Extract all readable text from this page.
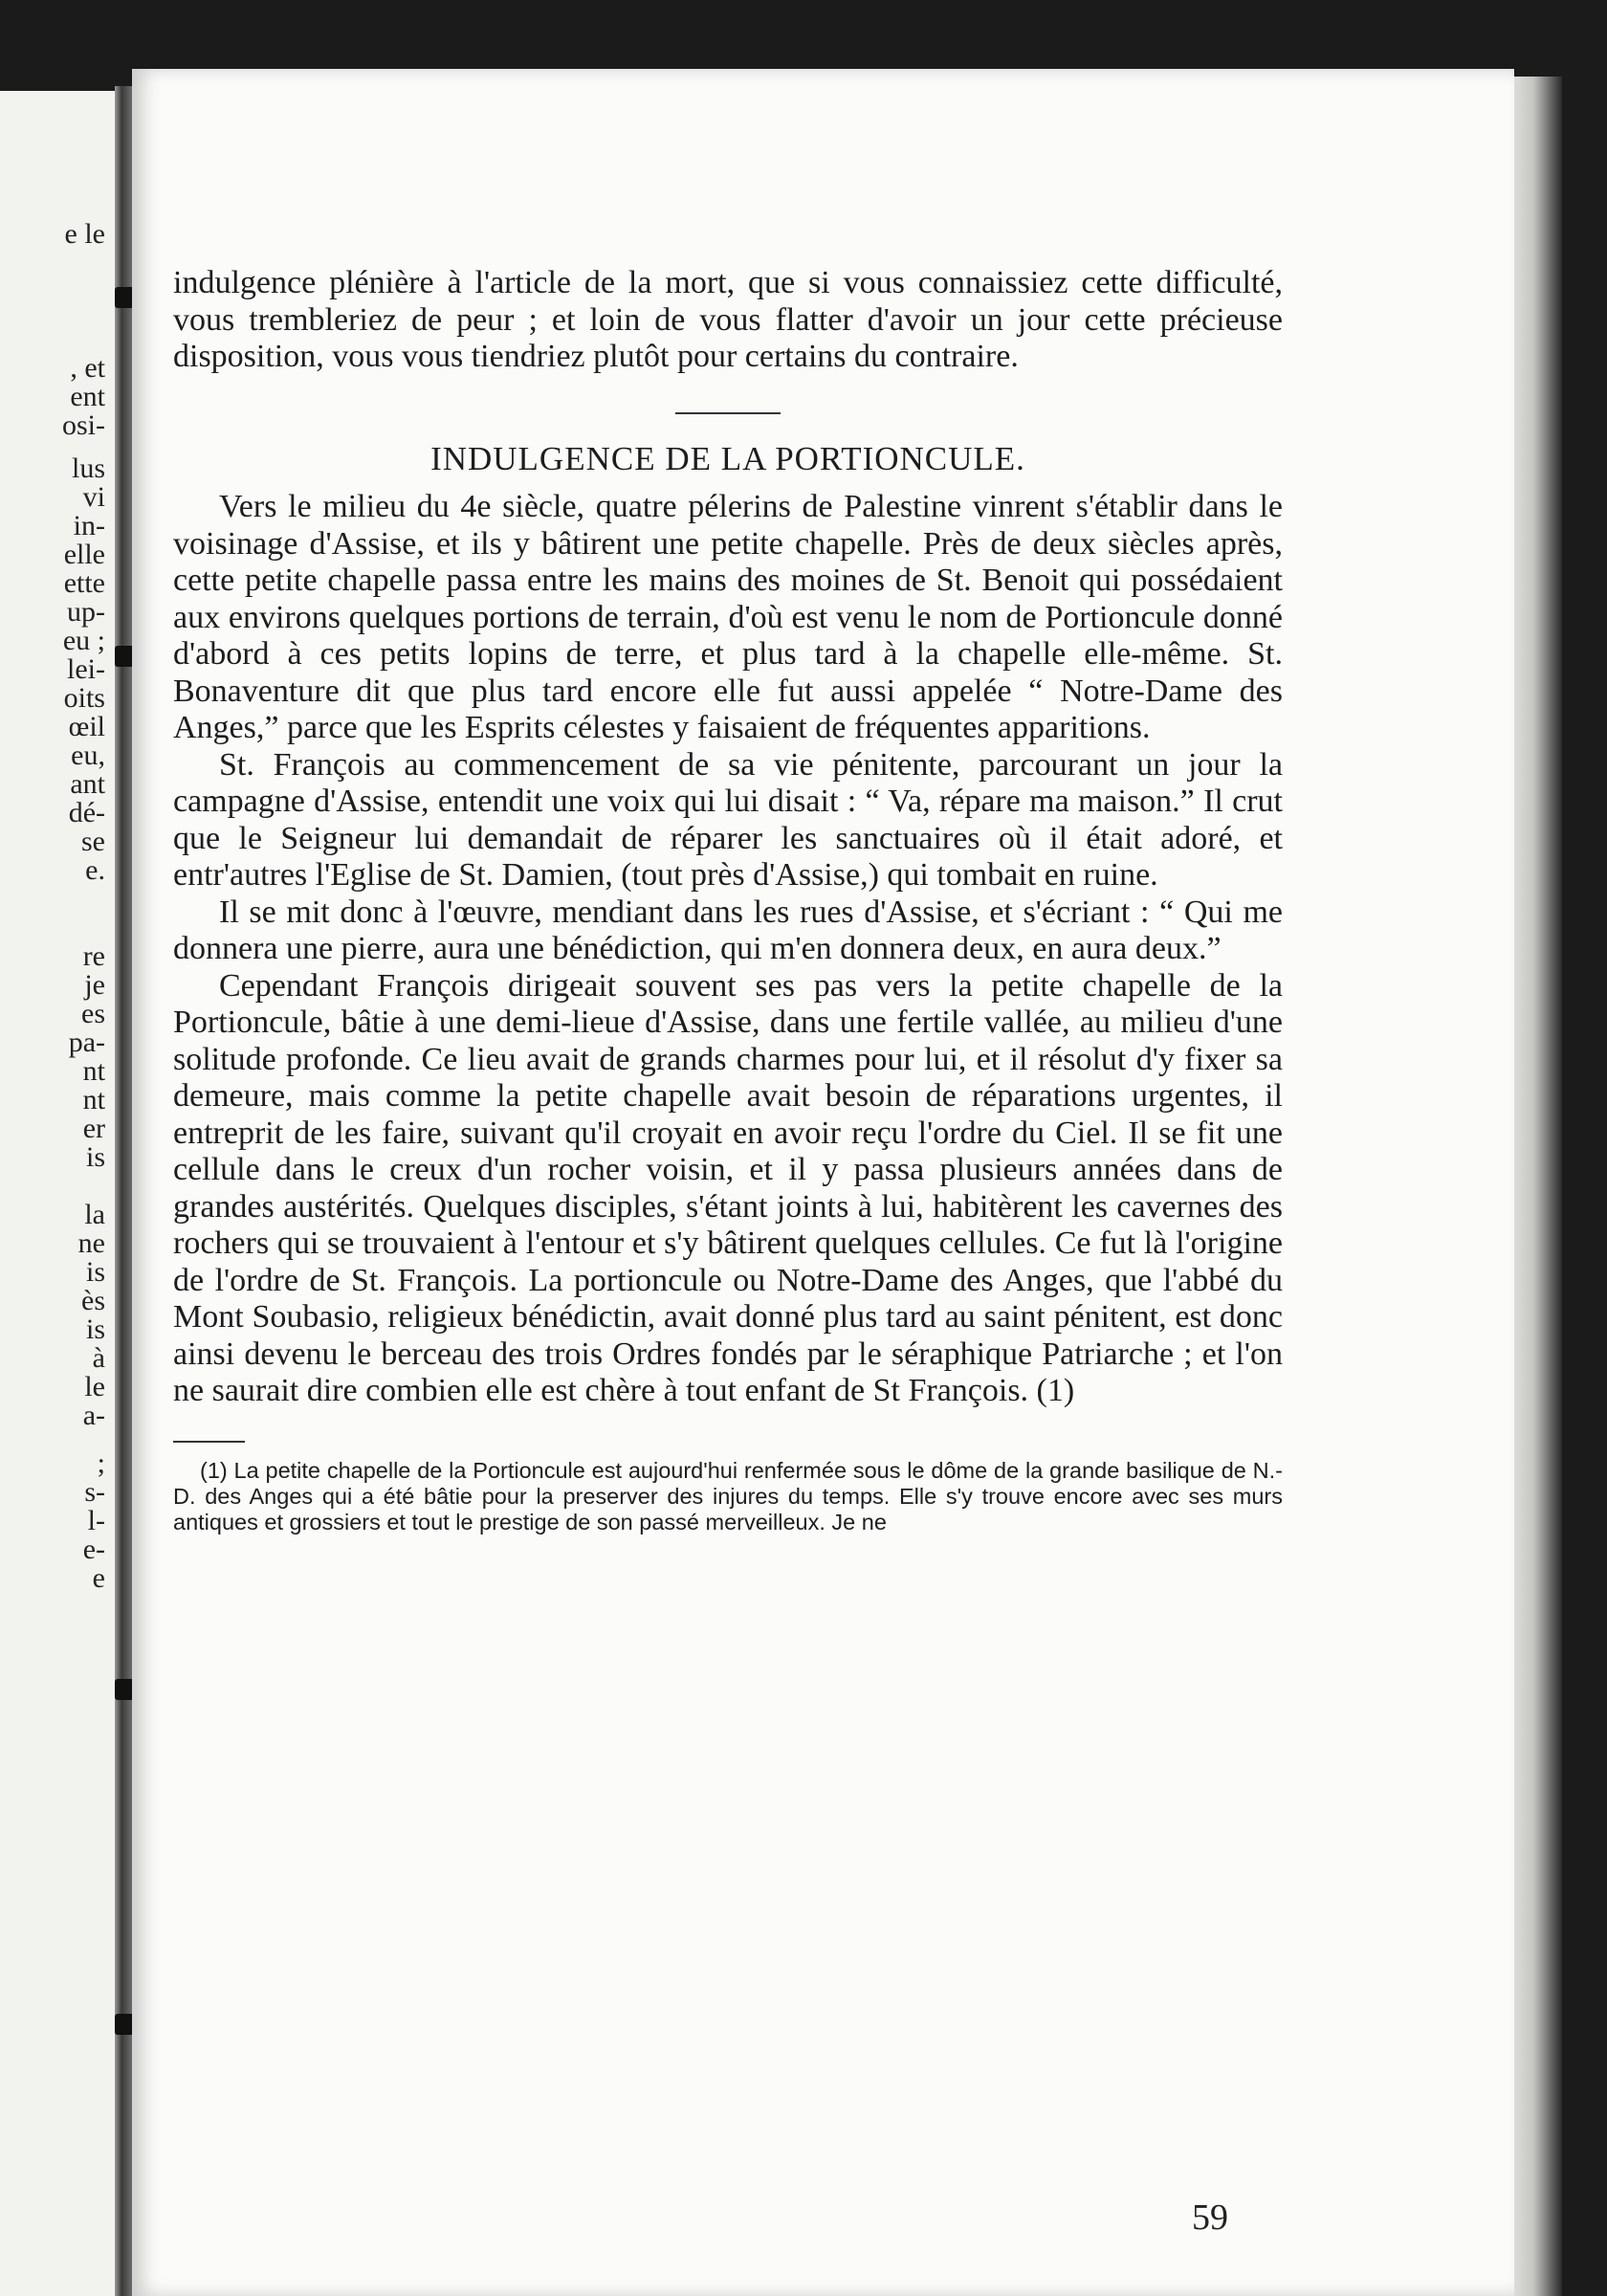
e le
, et
ent
osi-
lus
vi
in-
elle
ette
up-
eu ;
lei-
oits
œil
eu,
ant
dé-
se
e.
re
je
es
pa-
nt
nt
er
is
la
ne
is
ès
is
à
le
a-
;
s-
l-
e-
e

indulgence plénière à l'article de la mort, que si vous connaissiez cette difficulté, vous trembleriez de peur ; et loin de vous flatter d'avoir un jour cette précieuse disposition, vous vous tiendriez plutôt pour certains du contraire.

INDULGENCE DE LA PORTIONCULE.

Vers le milieu du 4e siècle, quatre pélerins de Palestine vinrent s'établir dans le voisinage d'Assise, et ils y bâtirent une petite chapelle. Près de deux siècles après, cette petite chapelle passa entre les mains des moines de St. Benoit qui possédaient aux environs quelques portions de terrain, d'où est venu le nom de Portioncule donné d'abord à ces petits lopins de terre, et plus tard à la chapelle elle-même. St. Bonaventure dit que plus tard encore elle fut aussi appelée “ Notre-Dame des Anges,” parce que les Esprits célestes y faisaient de fréquentes apparitions.

St. François au commencement de sa vie pénitente, parcourant un jour la campagne d'Assise, entendit une voix qui lui disait : “ Va, répare ma maison.” Il crut que le Seigneur lui demandait de réparer les sanctuaires où il était adoré, et entr'autres l'Eglise de St. Damien, (tout près d'Assise,) qui tombait en ruine.

Il se mit donc à l'œuvre, mendiant dans les rues d'Assise, et s'écriant : “ Qui me donnera une pierre, aura une bénédiction, qui m'en donnera deux, en aura deux.”

Cependant François dirigeait souvent ses pas vers la petite chapelle de la Portioncule, bâtie à une demi-lieue d'Assise, dans une fertile vallée, au milieu d'une solitude profonde. Ce lieu avait de grands charmes pour lui, et il résolut d'y fixer sa demeure, mais comme la petite chapelle avait besoin de réparations urgentes, il entreprit de les faire, suivant qu'il croyait en avoir reçu l'ordre du Ciel. Il se fit une cellule dans le creux d'un rocher voisin, et il y passa plusieurs années dans de grandes austérités. Quelques disciples, s'étant joints à lui, habitèrent les cavernes des rochers qui se trouvaient à l'entour et s'y bâtirent quelques cellules. Ce fut là l'origine de l'ordre de St. François. La portioncule ou Notre-Dame des Anges, que l'abbé du Mont Soubasio, religieux bénédictin, avait donné plus tard au saint pénitent, est donc ainsi devenu le berceau des trois Ordres fondés par le séraphique Patriarche ; et l'on ne saurait dire combien elle est chère à tout enfant de St François. (1)

(1) La petite chapelle de la Portioncule est aujourd'hui renfermée sous le dôme de la grande basilique de N.-D. des Anges qui a été bâtie pour la preserver des injures du temps. Elle s'y trouve encore avec ses murs antiques et grossiers et tout le prestige de son passé merveilleux. Je ne

59
